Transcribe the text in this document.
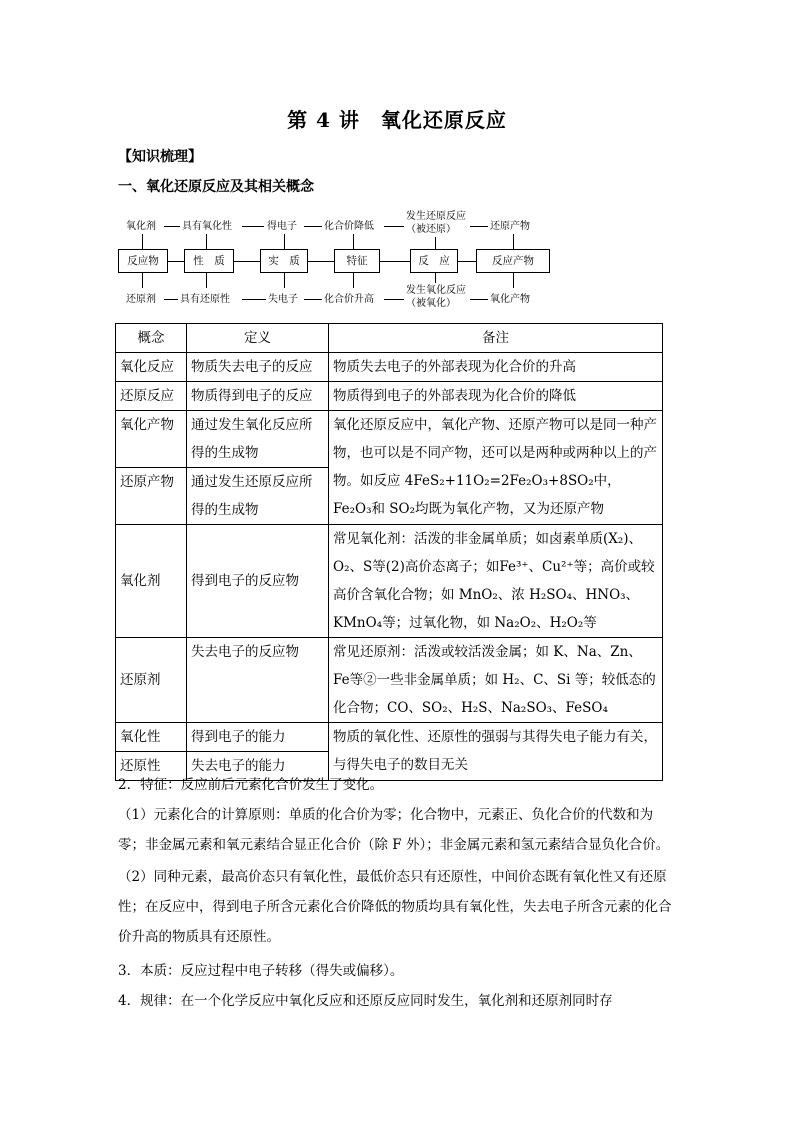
第 4 讲　氧化还原反应
【知识梳理】
一、氧化还原反应及其相关概念
氧化剂	具有氧化性	得电子	化合价降低
发生还原反应（被还原）	还原产物
反应物	性　质	实　质	特征	反　应	反应产物
还原剂 具有还原性	失电子	化合价升高
发生氧化反应（被氧化）	氧化产物
概念	定义	备注
氧化反应	物质失去电子的反应	物质失去电子的外部表现为化合价的升高
还原反应	物质得到电子的反应	物质得到电子的外部表现为化合价的降低
氧化产物	通过发生氧化反应所得的生成物	氧化还原反应中，氧化产物、还原产物可以是同一种产物，也可以是不同产物，还可以是两种或两种以上的产物。如反应 4FeS₂+11O₂=2Fe₂O₃+8SO₂中，Fe₂O₃和 SO₂均既为氧化产物，又为还原产物
还原产物	通过发生还原反应所得的生成物	
氧化剂	得到电子的反应物	常见氧化剂：活泼的非金属单质；如卤素单质(X₂)、O₂、S等(2)高价态离子；如Fe³⁺、Cu²⁺等；高价或较高价含氧化合物；如 MnO₂、浓 H₂SO₄、HNO₃、KMnO₄等；过氧化物，如 Na₂O₂、H₂O₂等
还原剂	失去电子的反应物	常见还原剂：活泼或较活泼金属；如 K、Na、Zn、Fe等②一些非金属单质；如 H₂、C、Si 等；较低态的化合物；CO、SO₂、H₂S、Na₂SO₃、FeSO₄
氧化性	得到电子的能力	物质的氧化性、还原性的强弱与其得失电子能力有关，与得失电子的数目无关
还原性	失去电子的能力	
2．特征：反应前后元素化合价发生了变化。
（1）元素化合的计算原则：单质的化合价为零；化合物中，元素正、负化合价的代数和为零；非金属元素和氧元素结合显正化合价（除 F 外）；非金属元素和氢元素结合显负化合价。
（2）同种元素，最高价态只有氧化性，最低价态只有还原性，中间价态既有氧化性又有还原性；在反应中，得到电子所含元素化合价降低的物质均具有氧化性，失去电子所含元素的化合价升高的物质具有还原性。
3．本质：反应过程中电子转移（得失或偏移）。
4．规律：在一个化学反应中氧化反应和还原反应同时发生，氧化剂和还原剂同时存
